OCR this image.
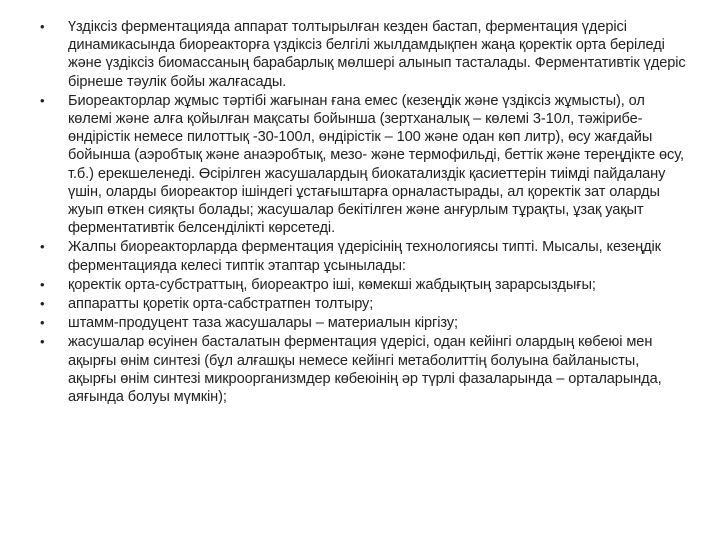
•	Үздіксіз ферментацияда аппарат толтырылған кезден бастап, ферментация үдерісі динамикасында биореакторға үздіксіз белгілі жылдамдықпен жаңа қоректік орта беріледі және үздіксіз биомассаның барабарлық мөлшері алынып тасталады. Ферментативтік үдеріс бірнеше тәулік бойы жалғасады.
•	Биореакторлар жұмыс тәртібі жағынан ғана емес (кезеңдік және үздіксіз жұмысты), ол көлемі және алға қойылған мақсаты бойынша (зертханалық – көлемі 3-10л, тәжірибе-өндірістік немесе пилоттық -30-100л, өндірістік – 100 және одан көп литр), өсу жағдайы бойынша (аэробтық және анаэробтық, мезо- және термофильді, беттік және тереңдікте өсу, т.б.) ерекшеленеді. Өсірілген жасушалардың биокатализдік қасиеттерін тиімді пайдалану үшін, оларды биореактор ішіндегі ұстағыштарға орналастырады, ал қоректік зат оларды жуып өткен сияқты болады; жасушалар бекітілген және анғурлым тұрақты, ұзақ уақыт ферментативтік белсенділікті көрсетеді.
•	Жалпы биореакторларда ферментация үдерісінің технологиясы типті. Мысалы, кезеңдік ферментацияда келесі типтік этаптар ұсынылады:
•	қоректік орта-субстраттың, биореактро іші, көмекші жабдықтың зарарсыздығы;
•	аппаратты қоретік орта-сабстратпен толтыру;
•	штамм-продуцент таза жасушалары – материалын кіргізу;
•	жасушалар өсуінен басталатын ферментация үдерісі, одан кейінгі олардың көбеюі мен ақырғы өнім синтезі (бұл алғашқы немесе кейінгі метаболиттің болуына байланысты, ақырғы өнім синтезі микроорганизмдер көбеюінің әр түрлі фазаларында – орталарында, аяғында болуы мүмкін);
